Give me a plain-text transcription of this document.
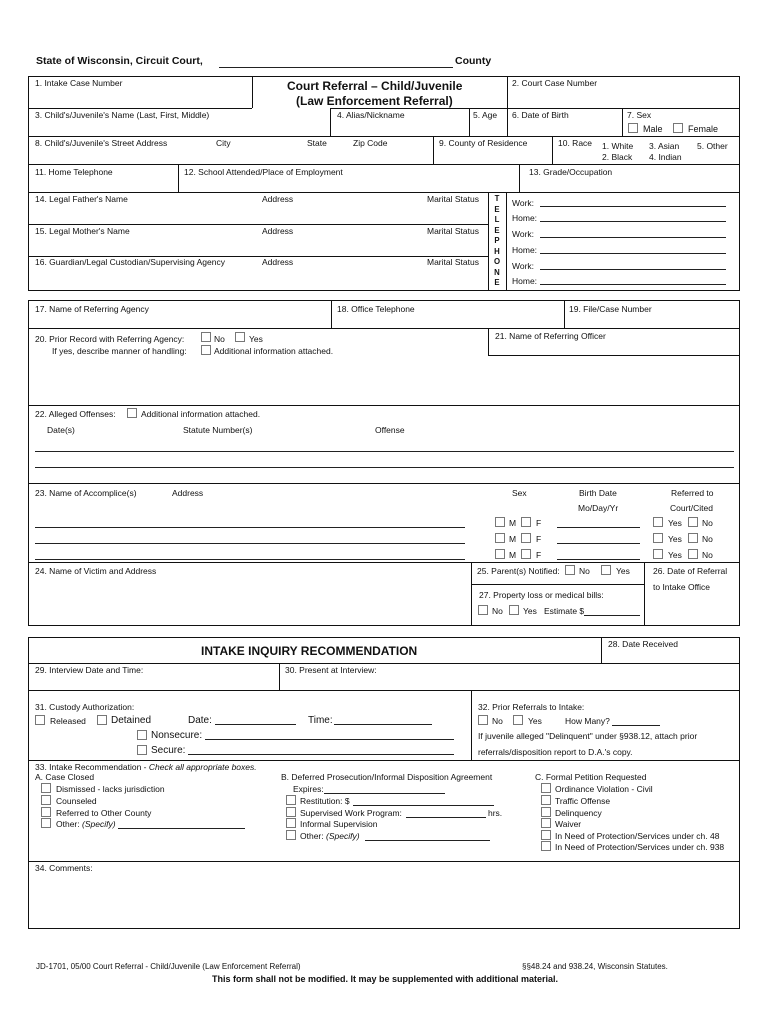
State of Wisconsin, Circuit Court,	County
1. Intake Case Number	Court Referral – Child/Juvenile
(Law Enforcement Referral)
2. Court Case Number
3. Child's/Juvenile's Name (Last, First, Middle)	4. Alias/Nickname	5. Age 6. Date of Birth	7. Sex
Male	Female
8. Child's/Juvenile's Street Address	City	State	Zip Code	9. County of Residence	10. Race 1. White
2. Black
3. Asian
4. Indian
5. Other
11. Home Telephone	12. School Attended/Place of Employment	13. Grade/Occupation
14. Legal Father's Name	Address	Marital Status
15. Legal Mother's Name	Address	Marital Status
16. Guardian/Legal Custodian/Supervising Agency	Address	Marital Status
T
E
L
E
P
H
O
N
E
Work:
Home:
Work:
Home:
Work:
Home:
17. Name of Referring Agency	18. Office Telephone	19. File/Case Number
20. Prior Record with Referring Agency:	No	Yes
If yes, describe manner of handling:	Additional information attached.
21. Name of Referring Officer
22. Alleged Offenses:	Additional information attached.
Date(s)	Statute Number(s)	Offense
23. Name of Accomplice(s)	Address	Sex	Birth Date
Mo/Day/Yr
Referred to
Court/Cited
M F	Yes No
M F	Yes No
M F	Yes No
24. Name of Victim and Address	25. Parent(s) Notified: No	Yes	26. Date of Referral
to Intake Office
27. Property loss or medical bills:
No Yes Estimate $
INTAKE INQUIRY RECOMMENDATION	28. Date Received
29. Interview Date and Time:	30. Present at Interview:
31. Custody Authorization:
Released	Detained	Date:	Time:
Nonsecure:
Secure:
32. Prior Referrals to Intake:
No	Yes	How Many?
If juvenile alleged "Delinquent" under §938.12, attach prior
referrals/disposition report to D.A.'s copy.
33. Intake Recommendation - Check all appropriate boxes.
A. Case Closed
Dismissed - lacks jurisdiction
Counseled
Referred to Other County
Other: (Specify)
B. Deferred Prosecution/Informal Disposition Agreement
Expires:
Restitution: $
Supervised Work Program:	hrs.
Informal Supervision
Other: (Specify)
C. Formal Petition Requested
Ordinance Violation - Civil
Traffic Offense
Delinquency
Waiver
In Need of Protection/Services under ch. 48
In Need of Protection/Services under ch. 938
34. Comments:
JD-1701, 05/00 Court Referral - Child/Juvenile (Law Enforcement Referral)	§§48.24 and 938.24, Wisconsin Statutes.
This form shall not be modified. It may be supplemented with additional material.
